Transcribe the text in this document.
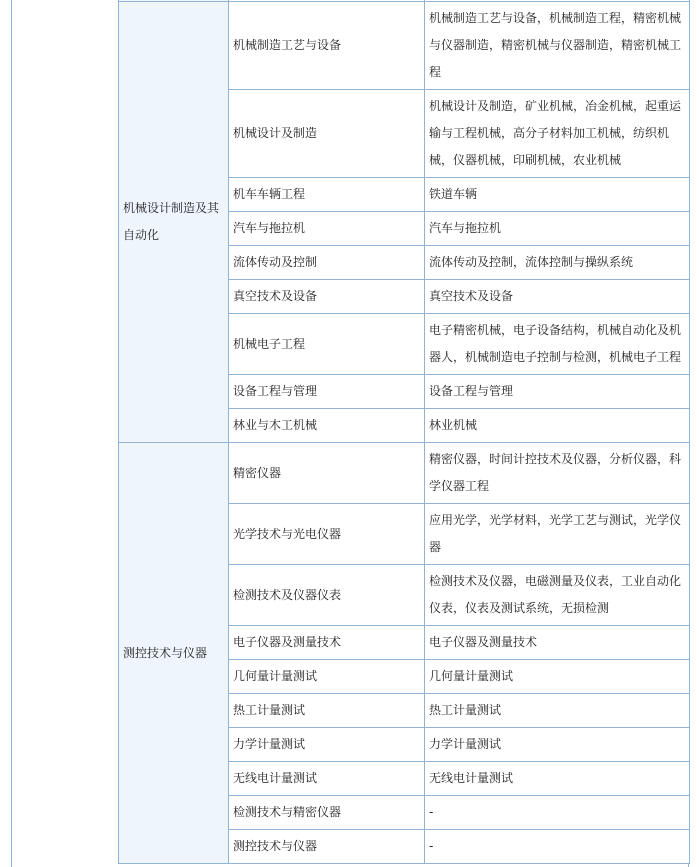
机械设计制造及其自动化	机械制造工艺与设备	机械制造工艺与设备，机械制造工程，精密机械与仪器制造，精密机械与仪器制造，精密机械工程
	机械设计及制造	机械设计及制造，矿业机械，冶金机械，起重运输与工程机械，高分子材料加工机械，纺织机械，仪器机械，印刷机械，农业机械
	机车车辆工程	铁道车辆
	汽车与拖拉机	汽车与拖拉机
	流体传动及控制	流体传动及控制，流体控制与操纵系统
	真空技术及设备	真空技术及设备
	机械电子工程	电子精密机械，电子设备结构，机械自动化及机器人，机械制造电子控制与检测，机械电子工程
	设备工程与管理	设备工程与管理
	林业与木工机械	林业机械
测控技术与仪器	精密仪器	精密仪器，时间计控技术及仪器，分析仪器，科学仪器工程
	光学技术与光电仪器	应用光学，光学材料，光学工艺与测试，光学仪器
	检测技术及仪器仪表	检测技术及仪器，电磁测量及仪表，工业自动化仪表，仪表及测试系统，无损检测
	电子仪器及测量技术	电子仪器及测量技术
	几何量计量测试	几何量计量测试
	热工计量测试	热工计量测试
	力学计量测试	力学计量测试
	无线电计量测试	无线电计量测试
	检测技术与精密仪器	-
	测控技术与仪器	-
